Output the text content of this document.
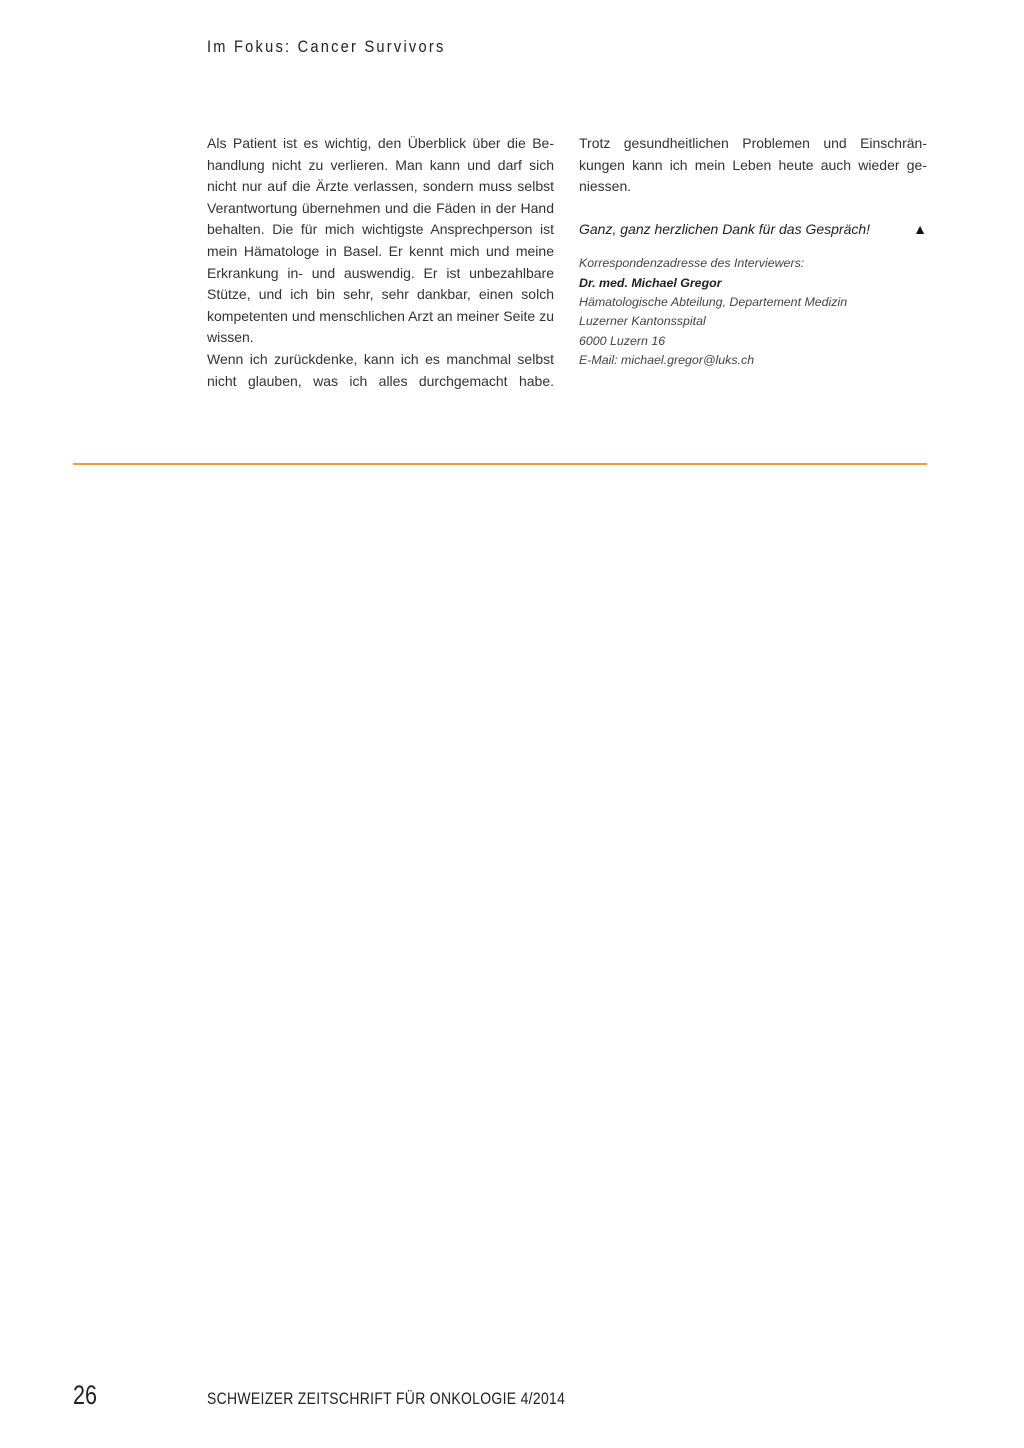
Im Fokus: Cancer Survivors

Als Patient ist es wichtig, den Überblick über die Behandlung nicht zu verlieren. Man kann und darf sich nicht nur auf die Ärzte verlassen, sondern muss selbst Verantwortung übernehmen und die Fäden in der Hand behalten. Die für mich wichtigste Ansprechperson ist mein Hämatologe in Basel. Er kennt mich und meine Erkrankung in- und auswendig. Er ist unbezahlbare Stütze, und ich bin sehr, sehr dankbar, einen solch kompetenten und menschlichen Arzt an meiner Seite zu wissen.

Wenn ich zurückdenke, kann ich es manchmal selbst nicht glauben, was ich alles durchgemacht habe.

Trotz gesundheitlichen Problemen und Einschränkungen kann ich mein Leben heute auch wieder geniessen.

Ganz, ganz herzlichen Dank für das Gespräch!	▲
Korrespondenzadresse des Interviewers:
Dr. med. Michael Gregor
Hämatologische Abteilung, Departement Medizin
Luzerner Kantonsspital
6000 Luzern 16
E-Mail: michael.gregor@luks.ch
26	SCHWEIZER ZEITSCHRIFT FÜR ONKOLOGIE 4/2014
